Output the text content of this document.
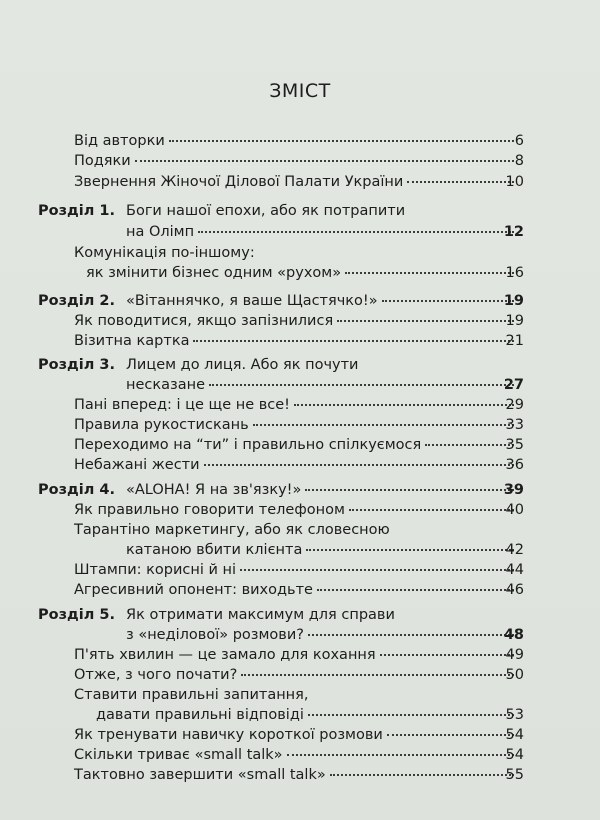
ЗМІСТ
Від авторки	6
Подяки	8
Звернення Жіночої Ділової Палати України	10
Розділ 1. Боги нашої епохи, або як потрапити
на Олімп	12
Комунікація по-іншому:
як змінити бізнес одним «рухом»	16
Розділ 2. «Вітаннячко, я ваше Щастячко!»	19
Як поводитися, якщо запізнилися	19
Візитна картка	21
Розділ 3. Лицем до лиця. Або як почути
несказане	27
Пані вперед: і це ще не все!	29
Правила рукостискань	33
Переходимо на “ти” і правильно спілкуємося	35
Небажані жести	36
Розділ 4. «ALOHA! Я на зв'язку!»	39
Як правильно говорити телефоном	40
Тарантіно маркетингу, або як словесною
катаною вбити клієнта	42
Штампи: корисні й ні	44
Агресивний опонент: виходьте	46
Розділ 5. Як отримати максимум для справи
з «неділової» розмови?	48
П'ять хвилин — це замало для кохання	49
Отже, з чого почати?	50
Ставити правильні запитання,
давати правильні відповіді	53
Як тренувати навичку короткої розмови	54
Скільки триває «small talk»	54
Тактовно завершити «small talk»	55
